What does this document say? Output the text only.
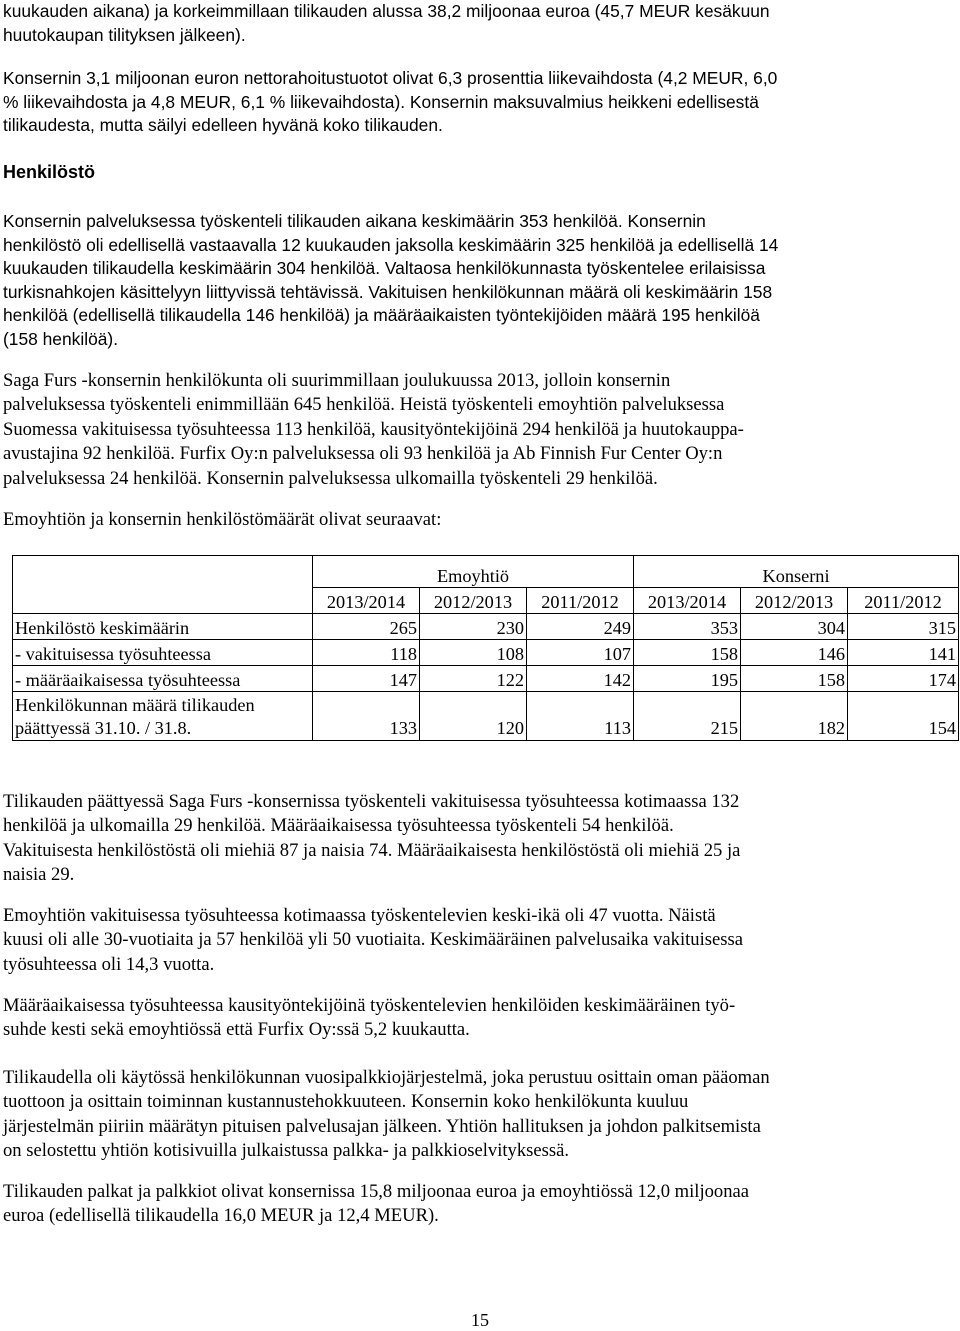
kuukauden aikana) ja korkeimmillaan tilikauden alussa 38,2 miljoonaa euroa (45,7 MEUR kesäkuun
huutokaupan tilityksen jälkeen).
Konsernin 3,1 miljoonan euron nettorahoitustuotot olivat 6,3 prosenttia liikevaihdosta (4,2 MEUR, 6,0
% liikevaihdosta ja 4,8 MEUR, 6,1 % liikevaihdosta). Konsernin maksuvalmius heikkeni edellisestä
tilikaudesta, mutta säilyi edelleen hyvänä koko tilikauden.
Henkilöstö
Konsernin palveluksessa työskenteli tilikauden aikana keskimäärin 353 henkilöä. Konsernin
henkilöstö oli edellisellä vastaavalla 12 kuukauden jaksolla keskimäärin 325 henkilöä ja edellisellä 14
kuukauden tilikaudella keskimäärin 304 henkilöä. Valtaosa henkilökunnasta työskentelee erilaisissa
turkisnahkojen käsittelyyn liittyvissä tehtävissä. Vakituisen henkilökunnan määrä oli keskimäärin 158
henkilöä (edellisellä tilikaudella 146 henkilöä) ja määräaikaisten työntekijöiden määrä 195 henkilöä
(158 henkilöä).
Saga Furs -konsernin henkilökunta oli suurimmillaan joulukuussa 2013, jolloin konsernin
palveluksessa työskenteli enimmillään 645 henkilöä. Heistä työskenteli emoyhtiön palveluksessa
Suomessa vakituisessa työsuhteessa 113 henkilöä, kausityöntekijöinä 294 henkilöä ja huutokauppa-
avustajina 92 henkilöä. Furfix Oy:n palveluksessa oli 93 henkilöä ja Ab Finnish Fur Center Oy:n
palveluksessa 24 henkilöä. Konsernin palveluksessa ulkomailla työskenteli 29 henkilöä.
Emoyhtiön ja konsernin henkilöstömäärät olivat seuraavat:
	Emoyhtiö			Konserni		
	2013/2014	2012/2013	2011/2012	2013/2014	2012/2013	2011/2012
Henkilöstö keskimäärin	265	230	249	353	304	315
- vakituisessa työsuhteessa	118	108	107	158	146	141
- määräaikaisessa työsuhteessa	147	122	142	195	158	174

Henkilökunnan määrä tilikauden
päättyessä 31.10. / 31.8.	133	120	113	215	182	154
Tilikauden päättyessä Saga Furs -konsernissa työskenteli vakituisessa työsuhteessa kotimaassa 132
henkilöä ja ulkomailla 29 henkilöä. Määräaikaisessa työsuhteessa työskenteli 54 henkilöä.
Vakituisesta henkilöstöstä oli miehiä 87 ja naisia 74. Määräaikaisesta henkilöstöstä oli miehiä 25 ja
naisia 29.
Emoyhtiön vakituisessa työsuhteessa kotimaassa työskentelevien keski-ikä oli 47 vuotta. Näistä
kuusi oli alle 30-vuotiaita ja 57 henkilöä yli 50 vuotiaita. Keskimääräinen palvelusaika vakituisessa
työsuhteessa oli 14,3 vuotta.
Määräaikaisessa työsuhteessa kausityöntekijöinä työskentelevien henkilöiden keskimääräinen työ-
suhde kesti sekä emoyhtiössä että Furfix Oy:ssä 5,2 kuukautta.
Tilikaudella oli käytössä henkilökunnan vuosipalkkiojärjestelmä, joka perustuu osittain oman pääoman
tuottoon ja osittain toiminnan kustannustehokkuuteen. Konsernin koko henkilökunta kuuluu
järjestelmän piiriin määrätyn pituisen palvelusajan jälkeen. Yhtiön hallituksen ja johdon palkitsemista
on selostettu yhtiön kotisivuilla julkaistussa palkka- ja palkkioselvityksessä.
Tilikauden palkat ja palkkiot olivat konsernissa 15,8 miljoonaa euroa ja emoyhtiössä 12,0 miljoonaa
euroa (edellisellä tilikaudella 16,0 MEUR ja 12,4 MEUR).
15
